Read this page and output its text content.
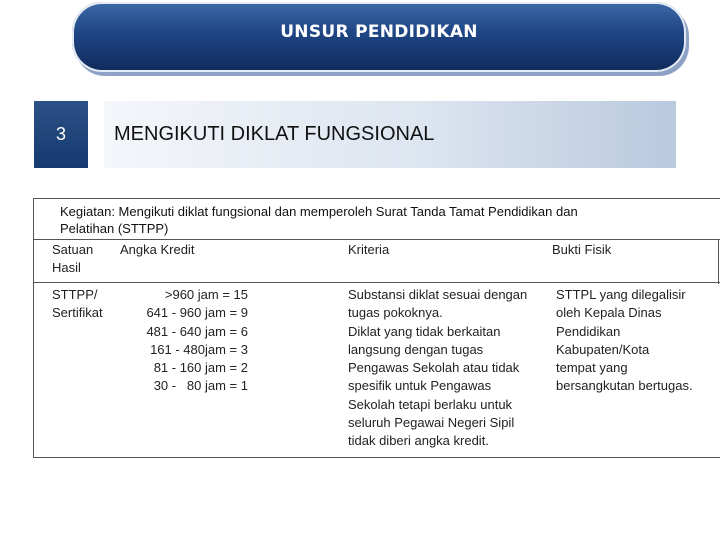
UNSUR PENDIDIKAN
3 MENGIKUTI DIKLAT FUNGSIONAL
Kegiatan: Mengikuti diklat fungsional dan memperoleh Surat Tanda Tamat Pendidikan dan
Pelatihan (STTPP)
Satuan
Hasil
Angka Kredit	Kriteria	Bukti Fisik
STTPP/
Sertifikat
>960 jam = 15
641 - 960 jam = 9
481 - 640 jam = 6
161 - 480jam = 3
81 - 160 jam = 2
30 -   80 jam = 1
Substansi diklat sesuai dengan
tugas pokoknya.
Diklat yang tidak berkaitan
langsung dengan tugas
Pengawas Sekolah atau tidak
spesifik untuk Pengawas
Sekolah tetapi berlaku untuk
seluruh Pegawai Negeri Sipil
tidak diberi angka kredit.
STTPL yang dilegalisir
oleh Kepala Dinas
Pendidikan
Kabupaten/Kota
tempat yang
bersangkutan bertugas.
